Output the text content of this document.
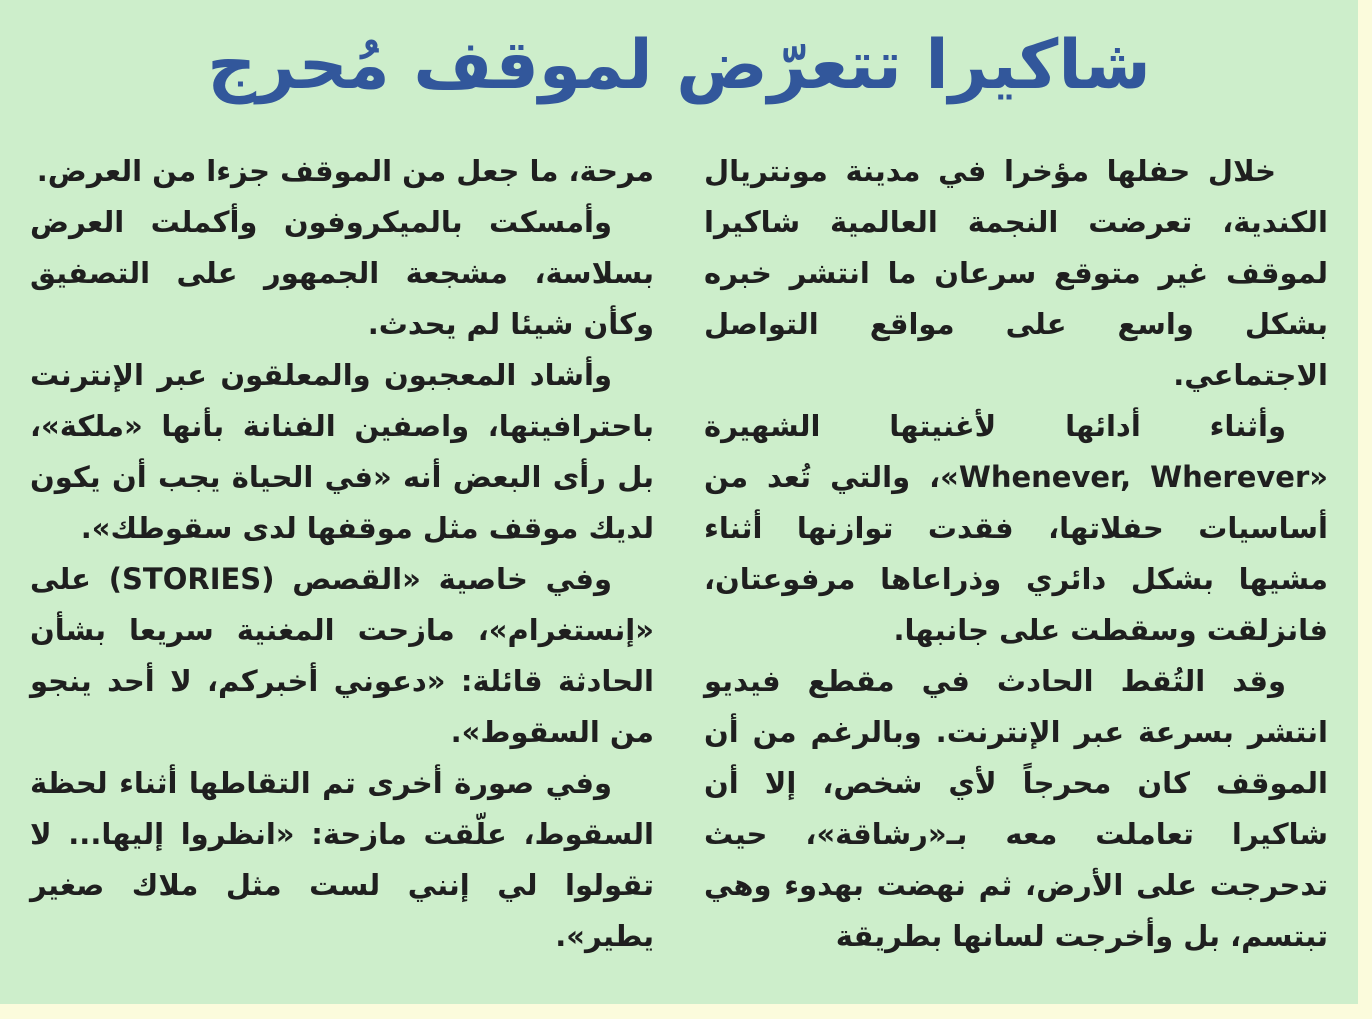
شاكيرا تتعرّض لموقف مُحرج

خلال حفلها مؤخرا في مدينة مونتريال الكندية، تعرضت النجمة العالمية شاكيرا لموقف غير متوقع سرعان ما انتشر خبره بشكل واسع على مواقع التواصل الاجتماعي.

وأثناء أدائها لأغنيتها الشهيرة «Whenever, Wherever»، والتي تُعد من أساسيات حفلاتها، فقدت توازنها أثناء مشيها بشكل دائري وذراعاها مرفوعتان، فانزلقت وسقطت على جانبها.

وقد التُقط الحادث في مقطع فيديو انتشر بسرعة عبر الإنترنت. وبالرغم من أن الموقف كان محرجاً لأي شخص، إلا أن شاكيرا تعاملت معه بـ«رشاقة»، حيث تدحرجت على الأرض، ثم نهضت بهدوء وهي تبتسم، بل وأخرجت لسانها بطريقة

مرحة، ما جعل من الموقف جزءا من العرض.

وأمسكت بالميكروفون وأكملت العرض بسلاسة، مشجعة الجمهور على التصفيق وكأن شيئا لم يحدث.

وأشاد المعجبون والمعلقون عبر الإنترنت باحترافيتها، واصفين الفنانة بأنها «ملكة»، بل رأى البعض أنه «في الحياة يجب أن يكون لديك موقف مثل موقفها لدى سقوطك».

وفي خاصية «القصص (STORIES) على «إنستغرام»، مازحت المغنية سريعا بشأن الحادثة قائلة: «دعوني أخبركم، لا أحد ينجو من السقوط».

وفي صورة أخرى تم التقاطها أثناء لحظة السقوط، علّقت مازحة: «انظروا إليها... لا تقولوا لي إنني لست مثل ملاك صغير يطير».
